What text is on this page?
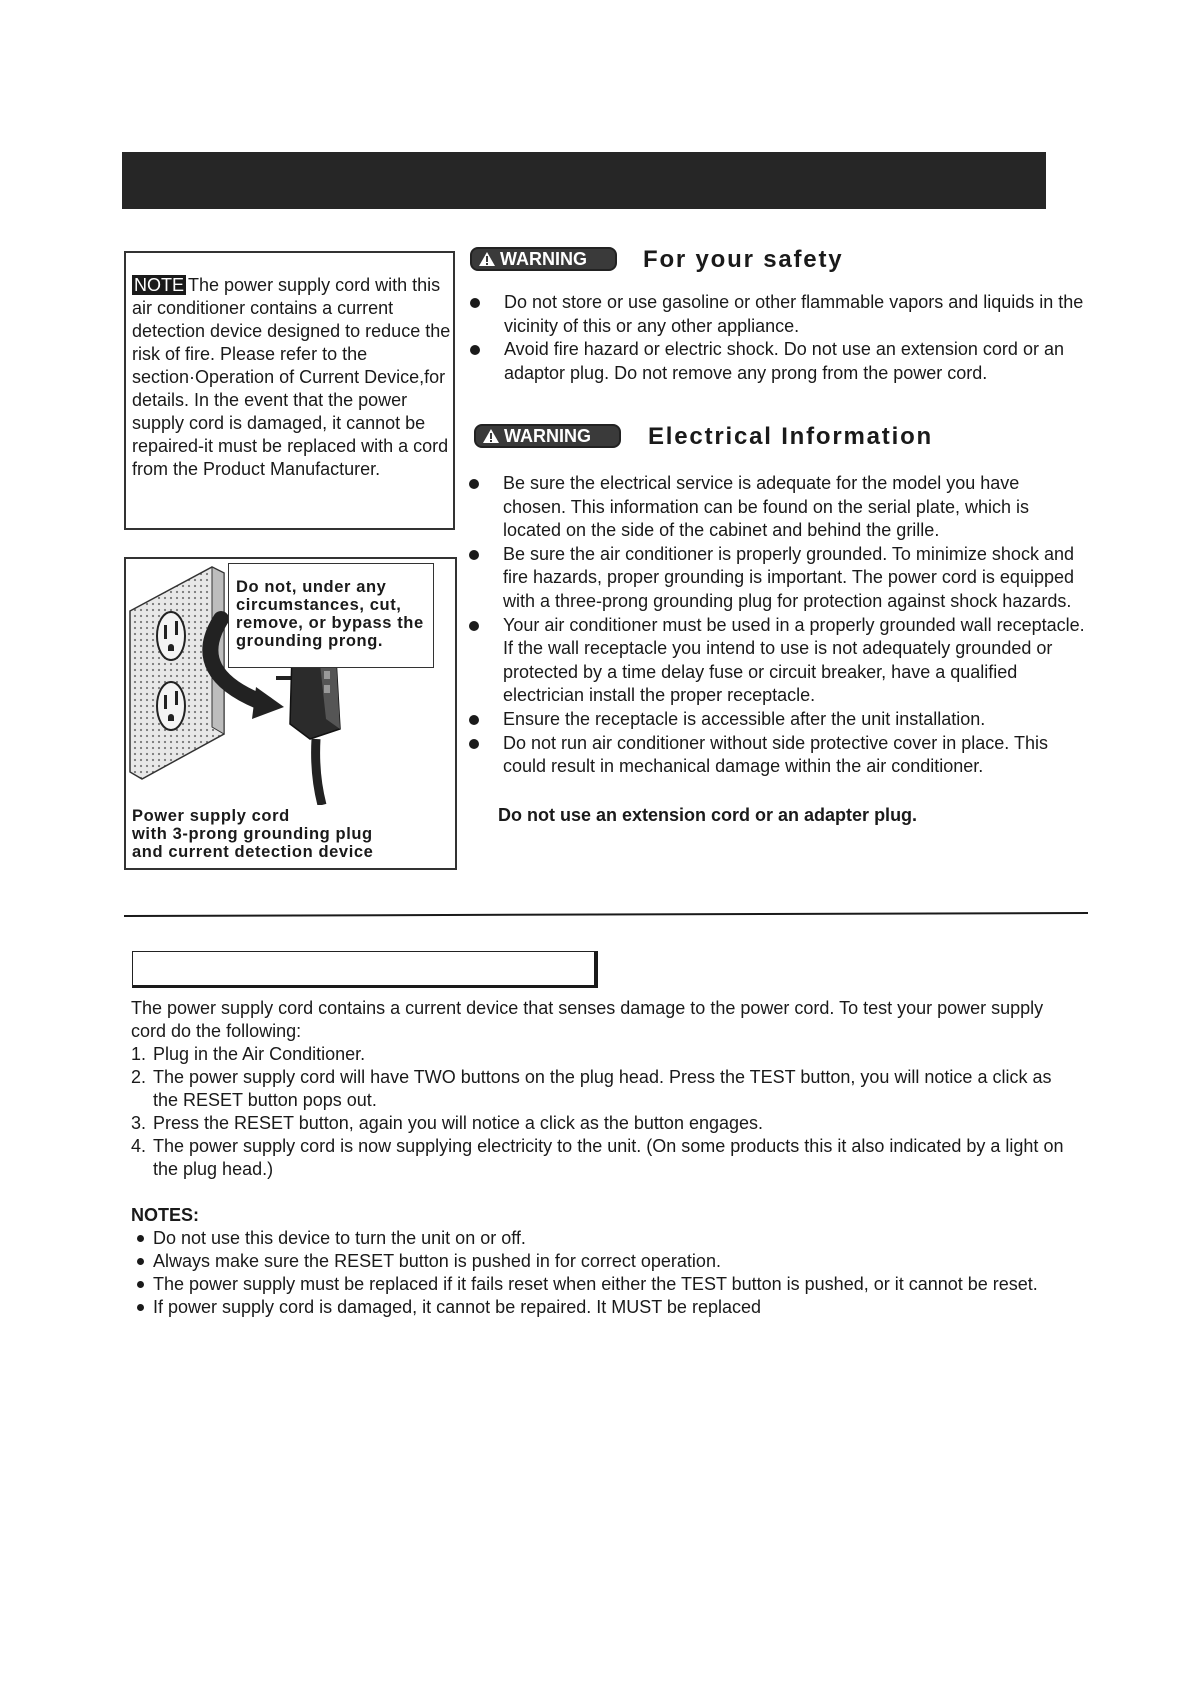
NOTE The power supply cord with this air conditioner contains a current detection device designed to reduce the risk of fire. Please refer to the section·Operation of Current Device,for details. In the event that the power supply cord is damaged, it cannot be repaired-it must be replaced with a cord from the Product Manufacturer.
Do not, under any circumstances, cut, remove, or bypass the grounding prong.
Power supply cord
with 3-prong grounding plug
and current detection device
WARNING For your safety
Do not store or use gasoline or other flammable vapors and liquids in the vicinity of this or any other appliance.
Avoid fire hazard or electric shock. Do not use an extension cord or an adaptor plug. Do not remove any prong from the power cord.
WARNING Electrical Information
Be sure the electrical service is adequate for the model you have chosen. This information can be found on the serial plate, which is located on the side of the cabinet and behind the grille.
Be sure the air conditioner is properly grounded. To minimize shock and fire hazards, proper grounding is important. The power cord is equipped with a three-prong grounding plug for protection against shock hazards.
Your air conditioner must be used in a properly grounded wall receptacle. If the wall receptacle you intend to use is not adequately grounded or protected by a time delay fuse or circuit breaker, have a qualified electrician install the proper receptacle.
Ensure the receptacle is accessible after the unit installation.
Do not run air conditioner without side protective cover in place. This could result in mechanical damage within the air conditioner.
Do not use an extension cord or an adapter plug.

The power supply cord contains a current device that senses damage to the power cord. To test your power supply cord do the following:

1. Plug in the Air Conditioner.
2. The power supply cord will have TWO buttons on the plug head. Press the TEST button, you will notice a click as the RESET button pops out.
3. Press the RESET button, again you will notice a click as the button engages.
4. The power supply cord is now supplying electricity to the unit. (On some products this it also indicated by a light on the plug head.)

NOTES:

Do not use this device to turn the unit on or off.
Always make sure the RESET button is pushed in for correct operation.
The power supply must be replaced if it fails reset when either the TEST button is pushed, or it cannot be reset.
If power supply cord is damaged, it cannot be repaired. It MUST be replaced
